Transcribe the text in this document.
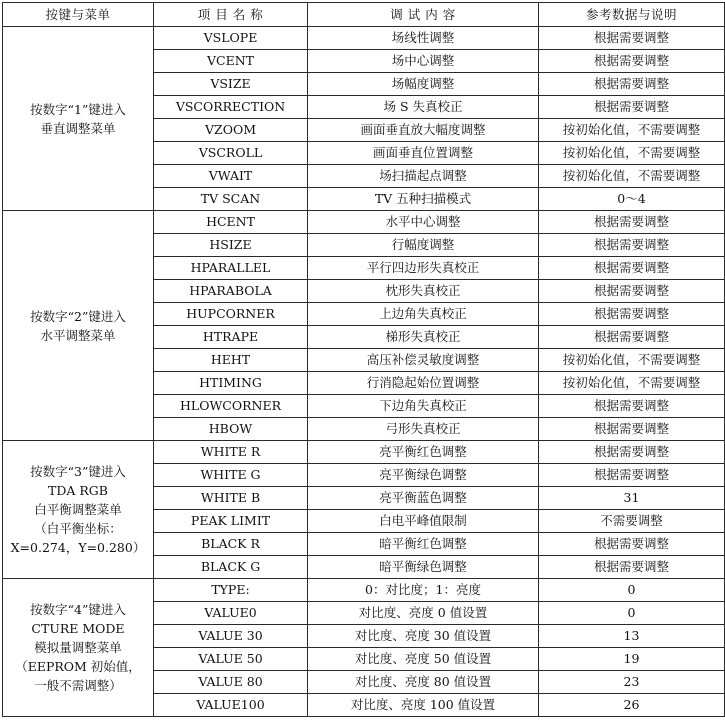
按键与菜单	项 目 名 称	调 试 内 容	参考数据与说明

按数字“1”键进入
垂直调整菜单	VSLOPE	场线性调整	根据需要调整
	VCENT	场中心调整	根据需要调整
	VSIZE	场幅度调整	根据需要调整
	VSCORRECTION	场 S 失真校正	根据需要调整
	VZOOM	画面垂直放大幅度调整	按初始化值，不需要调整
	VSCROLL	画面垂直位置调整	按初始化值，不需要调整
	VWAIT	场扫描起点调整	按初始化值，不需要调整
	TV SCAN	TV 五种扫描模式	0～4

按数字“2”键进入
水平调整菜单	HCENT	水平中心调整	根据需要调整
	HSIZE	行幅度调整	根据需要调整
	HPARALLEL	平行四边形失真校正	根据需要调整
	HPARABOLA	枕形失真校正	根据需要调整
	HUPCORNER	上边角失真校正	根据需要调整
	HTRAPE	梯形失真校正	根据需要调整
	HEHT	高压补偿灵敏度调整	按初始化值，不需要调整
	HTIMING	行消隐起始位置调整	按初始化值，不需要调整
	HLOWCORNER	下边角失真校正	根据需要调整
	HBOW	弓形失真校正	根据需要调整

按数字“3”键进入
TDA RGB
白平衡调整菜单
（白平衡坐标：
X=0.274，Y=0.280）	WHITE R	亮平衡红色调整	根据需要调整
	WHITE G	亮平衡绿色调整	根据需要调整
	WHITE B	亮平衡蓝色调整	31
	PEAK LIMIT	白电平峰值限制	不需要调整
	BLACK R	暗平衡红色调整	根据需要调整
	BLACK G	暗平衡绿色调整	根据需要调整

按数字“4”键进入
CTURE MODE
模拟量调整菜单
（EEPROM 初始值，
一般不需调整）	TYPE:	0：对比度；1：亮度	0
	VALUE0	对比度、亮度 0 值设置	0
	VALUE 30	对比度、亮度 30 值设置	13
	VALUE 50	对比度、亮度 50 值设置	19
	VALUE 80	对比度、亮度 80 值设置	23
	VALUE100	对比度、亮度 100 值设置	26
